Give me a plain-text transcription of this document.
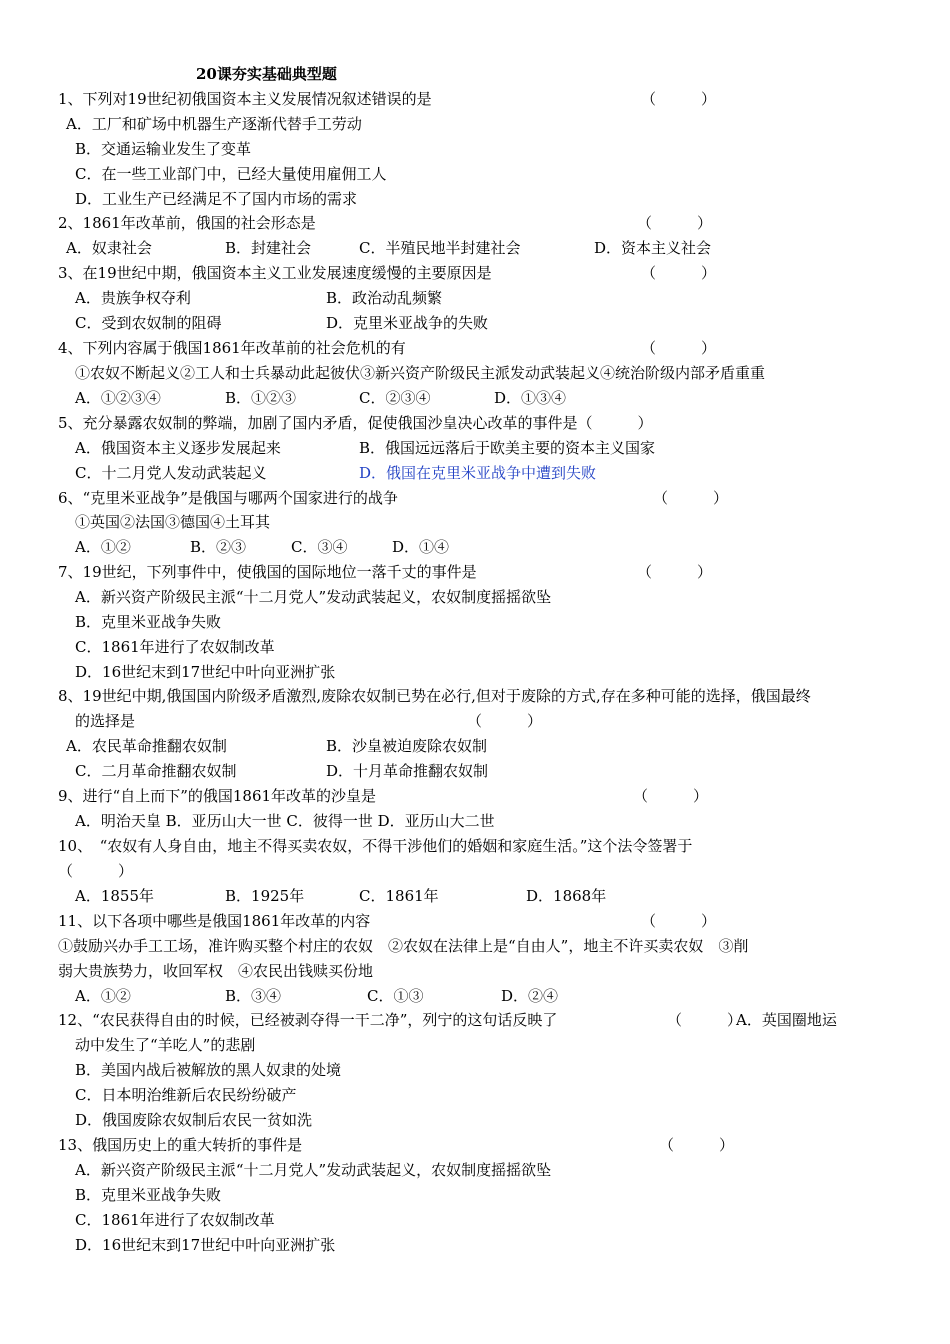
20课夯实基础典型题
1、下列对19世纪初俄国资本主义发展情况叙述错误的是	（　　　）
A．工厂和矿场中机器生产逐渐代替手工劳动
B．交通运输业发生了变革
C．在一些工业部门中，已经大量使用雇佣工人
D．工业生产已经满足不了国内市场的需求
2、1861年改革前，俄国的社会形态是	（　　　）
A．奴隶社会	B．封建社会	C．半殖民地半封建社会	D．资本主义社会
3、在19世纪中期，俄国资本主义工业发展速度缓慢的主要原因是	（　　　）
A．贵族争权夺利	B．政治动乱频繁
C．受到农奴制的阻碍	D．克里米亚战争的失败
4、下列内容属于俄国1861年改革前的社会危机的有	（　　　）
①农奴不断起义②工人和士兵暴动此起彼伏③新兴资产阶级民主派发动武装起义④统治阶级内部矛盾重重
A．①②③④	B．①②③	C．②③④	D．①③④
5、充分暴露农奴制的弊端，加剧了国内矛盾，促使俄国沙皇决心改革的事件是（　　　）
A．俄国资本主义逐步发展起来	B．俄国远远落后于欧美主要的资本主义国家
C．十二月党人发动武装起义	D．俄国在克里米亚战争中遭到失败
6、“克里米亚战争”是俄国与哪两个国家进行的战争	（　　　）
①英国②法国③德国④土耳其
A．①②	B．②③	C．③④	D．①④
7、19世纪，下列事件中，使俄国的国际地位一落千丈的事件是	（　　　）
A．新兴资产阶级民主派“十二月党人”发动武装起义，农奴制度摇摇欲坠
B．克里米亚战争失败
C．1861年进行了农奴制改革
D．16世纪末到17世纪中叶向亚洲扩张
8、19世纪中期,俄国国内阶级矛盾激烈,废除农奴制已势在必行,但对于废除的方式,存在多种可能的选择，俄国最终
的选择是	（　　　）
A．农民革命推翻农奴制	B．沙皇被迫废除农奴制
C．二月革命推翻农奴制	D．十月革命推翻农奴制
9、进行“自上而下”的俄国1861年改革的沙皇是	（　　　）
A．明治天皇 B．亚历山大一世 C．彼得一世 D．亚历山大二世
10、　“农奴有人身自由，地主不得买卖农奴，不得干涉他们的婚姻和家庭生活。”这个法令签署于
（　　　）
A．1855年	B．1925年	C．1861年	D．1868年
11、以下各项中哪些是俄国1861年改革的内容	（　　　）
①鼓励兴办手工工场，准许购买整个村庄的农奴　②农奴在法律上是“自由人”，地主不许买卖农奴　③削
弱大贵族势力，收回军权　④农民出钱赎买份地
A．①②	B．③④	C．①③	D．②④
12、“农民获得自由的时候，已经被剥夺得一干二净”，列宁的这句话反映了	（　　　）
A．英国圈地运
动中发生了“羊吃人”的悲剧
B．美国内战后被解放的黑人奴隶的处境
C．日本明治维新后农民纷纷破产
D．俄国废除农奴制后农民一贫如洗
13、俄国历史上的重大转折的事件是	（　　　）
A．新兴资产阶级民主派“十二月党人”发动武装起义，农奴制度摇摇欲坠
B．克里米亚战争失败
C．1861年进行了农奴制改革
D．16世纪末到17世纪中叶向亚洲扩张
